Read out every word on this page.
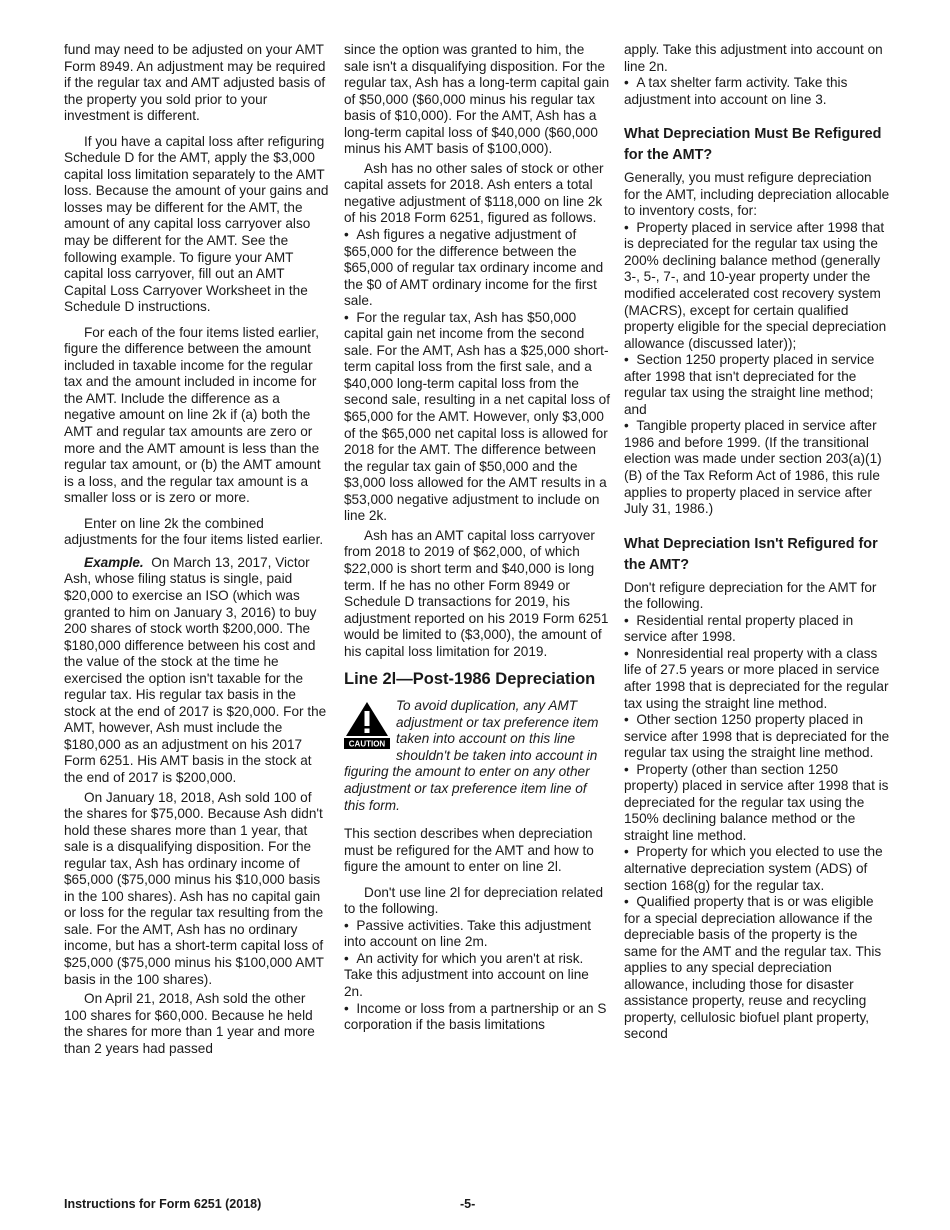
fund may need to be adjusted on your AMT Form 8949. An adjustment may be required if the regular tax and AMT adjusted basis of the property you sold prior to your investment is different.

If you have a capital loss after refiguring Schedule D for the AMT, apply the $3,000 capital loss limitation separately to the AMT loss. Because the amount of your gains and losses may be different for the AMT, the amount of any capital loss carryover also may be different for the AMT. See the following example. To figure your AMT capital loss carryover, fill out an AMT Capital Loss Carryover Worksheet in the Schedule D instructions.

For each of the four items listed earlier, figure the difference between the amount included in taxable income for the regular tax and the amount included in income for the AMT. Include the difference as a negative amount on line 2k if (a) both the AMT and regular tax amounts are zero or more and the AMT amount is less than the regular tax amount, or (b) the AMT amount is a loss, and the regular tax amount is a smaller loss or is zero or more.

Enter on line 2k the combined adjustments for the four items listed earlier.

Example. On March 13, 2017, Victor Ash, whose filing status is single, paid $20,000 to exercise an ISO (which was granted to him on January 3, 2016) to buy 200 shares of stock worth $200,000. The $180,000 difference between his cost and the value of the stock at the time he exercised the option isn't taxable for the regular tax. His regular tax basis in the stock at the end of 2017 is $20,000. For the AMT, however, Ash must include the $180,000 as an adjustment on his 2017 Form 6251. His AMT basis in the stock at the end of 2017 is $200,000.

On January 18, 2018, Ash sold 100 of the shares for $75,000. Because Ash didn't hold these shares more than 1 year, that sale is a disqualifying disposition. For the regular tax, Ash has ordinary income of $65,000 ($75,000 minus his $10,000 basis in the 100 shares). Ash has no capital gain or loss for the regular tax resulting from the sale. For the AMT, Ash has no ordinary income, but has a short-term capital loss of $25,000 ($75,000 minus his $100,000 AMT basis in the 100 shares).

On April 21, 2018, Ash sold the other 100 shares for $60,000. Because he held the shares for more than 1 year and more than 2 years had passed

since the option was granted to him, the sale isn't a disqualifying disposition. For the regular tax, Ash has a long-term capital gain of $50,000 ($60,000 minus his regular tax basis of $10,000). For the AMT, Ash has a long-term capital loss of $40,000 ($60,000 minus his AMT basis of $100,000).

Ash has no other sales of stock or other capital assets for 2018. Ash enters a total negative adjustment of $118,000 on line 2k of his 2018 Form 6251, figured as follows.

•  Ash figures a negative adjustment of $65,000 for the difference between the $65,000 of regular tax ordinary income and the $0 of AMT ordinary income for the first sale.

•  For the regular tax, Ash has $50,000 capital gain net income from the second sale. For the AMT, Ash has a $25,000 short-term capital loss from the first sale, and a $40,000 long-term capital loss from the second sale, resulting in a net capital loss of $65,000 for the AMT. However, only $3,000 of the $65,000 net capital loss is allowed for 2018 for the AMT. The difference between the regular tax gain of $50,000 and the $3,000 loss allowed for the AMT results in a $53,000 negative adjustment to include on line 2k.

Ash has an AMT capital loss carryover from 2018 to 2019 of $62,000, of which $22,000 is short term and $40,000 is long term. If he has no other Form 8949 or Schedule D transactions for 2019, his adjustment reported on his 2019 Form 6251 would be limited to ($3,000), the amount of his capital loss limitation for 2019.

Line 2l—Post-1986 Depreciation
CAUTION

To avoid duplication, any AMT adjustment or tax preference item taken into account on this line shouldn't be taken into account in figuring the amount to enter on any other adjustment or tax preference item line of this form.

This section describes when depreciation must be refigured for the AMT and how to figure the amount to enter on line 2l.

Don't use line 2l for depreciation related to the following.

•  Passive activities. Take this adjustment into account on line 2m.

•  An activity for which you aren't at risk. Take this adjustment into account on line 2n.

•  Income or loss from a partnership or an S corporation if the basis limitations

apply. Take this adjustment into account on line 2n.

•  A tax shelter farm activity. Take this adjustment into account on line 3.

What Depreciation Must Be Refigured for the AMT?

Generally, you must refigure depreciation for the AMT, including depreciation allocable to inventory costs, for:

•  Property placed in service after 1998 that is depreciated for the regular tax using the 200% declining balance method (generally 3-, 5-, 7-, and 10-year property under the modified accelerated cost recovery system (MACRS), except for certain qualified property eligible for the special depreciation allowance (discussed later));

•  Section 1250 property placed in service after 1998 that isn't depreciated for the regular tax using the straight line method; and

•  Tangible property placed in service after 1986 and before 1999. (If the transitional election was made under section 203(a)(1)(B) of the Tax Reform Act of 1986, this rule applies to property placed in service after July 31, 1986.)

What Depreciation Isn't Refigured for the AMT?

Don't refigure depreciation for the AMT for the following.

•  Residential rental property placed in service after 1998.

•  Nonresidential real property with a class life of 27.5 years or more placed in service after 1998 that is depreciated for the regular tax using the straight line method.

•  Other section 1250 property placed in service after 1998 that is depreciated for the regular tax using the straight line method.

•  Property (other than section 1250 property) placed in service after 1998 that is depreciated for the regular tax using the 150% declining balance method or the straight line method.

•  Property for which you elected to use the alternative depreciation system (ADS) of section 168(g) for the regular tax.

•  Qualified property that is or was eligible for a special depreciation allowance if the depreciable basis of the property is the same for the AMT and the regular tax. This applies to any special depreciation allowance, including those for disaster assistance property, reuse and recycling property, cellulosic biofuel plant property, second

Instructions for Form 6251 (2018)	-5-
